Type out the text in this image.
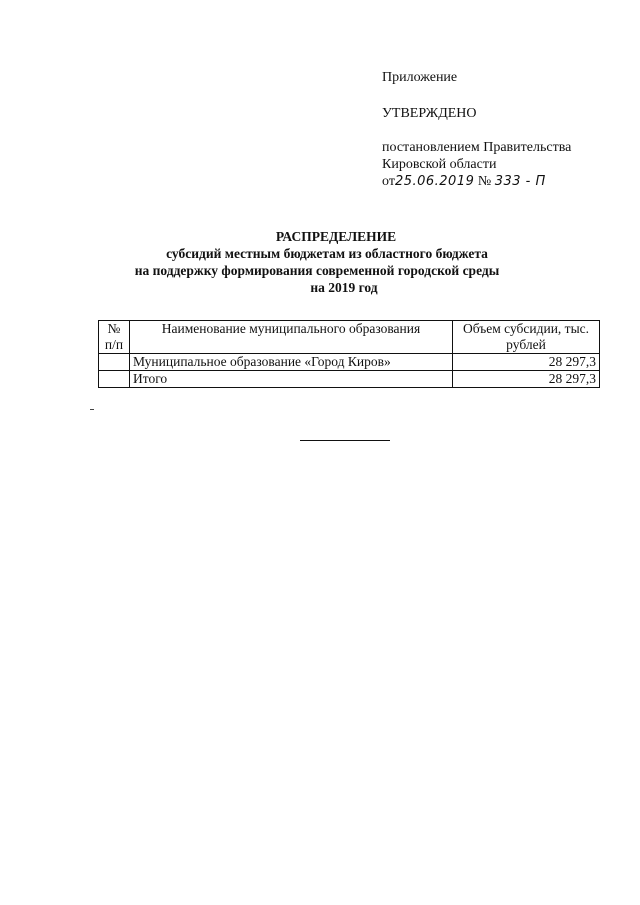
Приложение
УТВЕРЖДЕНО
постановлением Правительства
Кировской области
от25.06.2019 № 333 - П
РАСПРЕДЕЛЕНИЕ
субсидий местным бюджетам из областного бюджета
на поддержку формирования современной городской среды
на 2019 год
№ п/п	Наименование муниципального образования	Объем субсидии, тыс. рублей
	Муниципальное образование «Город Киров»	28 297,3
	Итого	28 297,3
